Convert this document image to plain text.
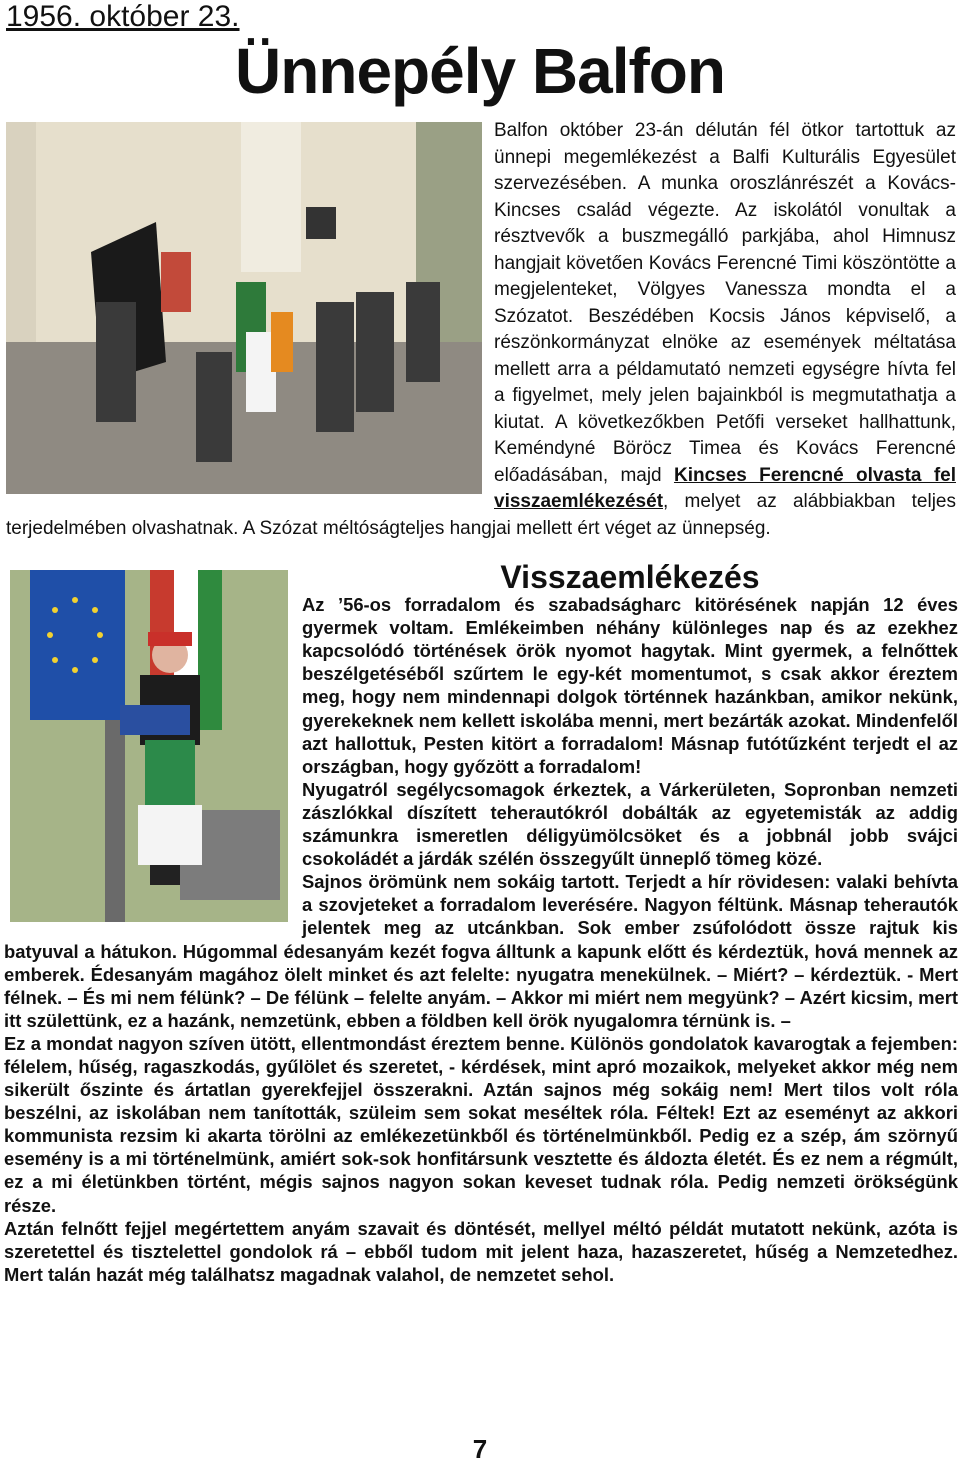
1956. október 23.
Ünnepély Balfon
Balfon október 23-án délután fél ötkor tartottuk az ünnepi megemlékezést a Balfi Kulturális Egyesület szervezésében. A munka oroszlánrészét a Kovács-Kincses család végezte. Az iskolától vonultak a résztvevők a buszmegálló parkjába, ahol Himnusz hangjait követően Kovács Ferencné Timi köszöntötte a megjelenteket, Völgyes Vanessza mondta el a Szózatot. Beszédében Kocsis János képviselő, a részönkormányzat elnöke az események méltatása mellett arra a példamutató nemzeti egységre hívta fel a figyelmet, mely jelen bajainkból is megmutathatja a kiutat. A következőkben Petőfi verseket hallhattunk, Keméndyné Böröcz Timea és Kovács Ferencné előadásában, majd Kincses Ferencné olvasta fel visszaemlékezését, melyet az alábbiakban teljes terjedelmében olvashatnak. A Szózat méltóságteljes hangjai mellett ért véget az ünnepség.
Visszaemlékezés

Az ’56-os forradalom és szabadságharc kitörésének napján 12 éves gyermek voltam. Emlékeimben néhány különleges nap és az ezekhez kapcsolódó történések örök nyomot hagytak. Mint gyermek, a felnőttek beszélgetéséből szűrtem le egy-két momentumot, s csak akkor éreztem meg, hogy nem mindennapi dolgok történnek hazánkban, amikor nekünk, gyerekeknek nem kellett iskolába menni, mert bezárták azokat. Mindenfelől azt hallottuk, Pesten kitört a forradalom! Másnap futótűzként terjedt el az országban, hogy győzött a forradalom!

Nyugatról segélycsomagok érkeztek, a Várkerületen, Sopronban nemzeti zászlókkal díszített teherautókról dobálták az egyetemisták az addig számunkra ismeretlen déligyümölcsöket és a jobbnál jobb svájci csokoládét a járdák szélén összegyűlt ünneplő tömeg közé.

Sajnos örömünk nem sokáig tartott. Terjedt a hír rövidesen: valaki behívta a szovjeteket a forradalom leverésére. Nagyon féltünk. Másnap teherautók jelentek meg az utcánkban. Sok ember zsúfolódott össze rajtuk kis batyuval a hátukon. Húgommal édesanyám kezét fogva álltunk a kapunk előtt és kérdeztük, hová mennek az emberek. Édesanyám magához ölelt minket és azt felelte: nyugatra menekülnek. – Miért? – kérdeztük. - Mert félnek. – És mi nem félünk? – De félünk – felelte anyám. – Akkor mi miért nem megyünk? – Azért kicsim, mert itt születtünk, ez a hazánk, nemzetünk, ebben a földben kell örök nyugalomra térnünk is. –

Ez a mondat nagyon szíven ütött, ellentmondást éreztem benne. Különös gondolatok kavarogtak a fejemben: félelem, hűség, ragaszkodás, gyűlölet és szeretet, - kérdések, mint apró mozaikok, melyeket akkor még nem sikerült őszinte és ártatlan gyerekfejjel összerakni. Aztán sajnos még sokáig nem! Mert tilos volt róla beszélni, az iskolában nem tanították, szüleim sem sokat meséltek róla. Féltek! Ezt az eseményt az akkori kommunista rezsim ki akarta törölni az emlékezetünkből és történelmünkből. Pedig ez a szép, ám szörnyű esemény is a mi történelmünk, amiért sok-sok honfitársunk vesztette és áldozta életét. És ez nem a régmúlt, ez a mi életünkben történt, mégis sajnos nagyon sokan keveset tudnak róla. Pedig nemzeti örökségünk része.

Aztán felnőtt fejjel megértettem anyám szavait és döntését, mellyel méltó példát mutatott nekünk, azóta is szeretettel és tisztelettel gondolok rá – ebből tudom mit jelent haza, hazaszeretet, hűség a Nemzetedhez. Mert talán hazát még találhatsz magadnak valahol, de nemzetet sehol.

7
